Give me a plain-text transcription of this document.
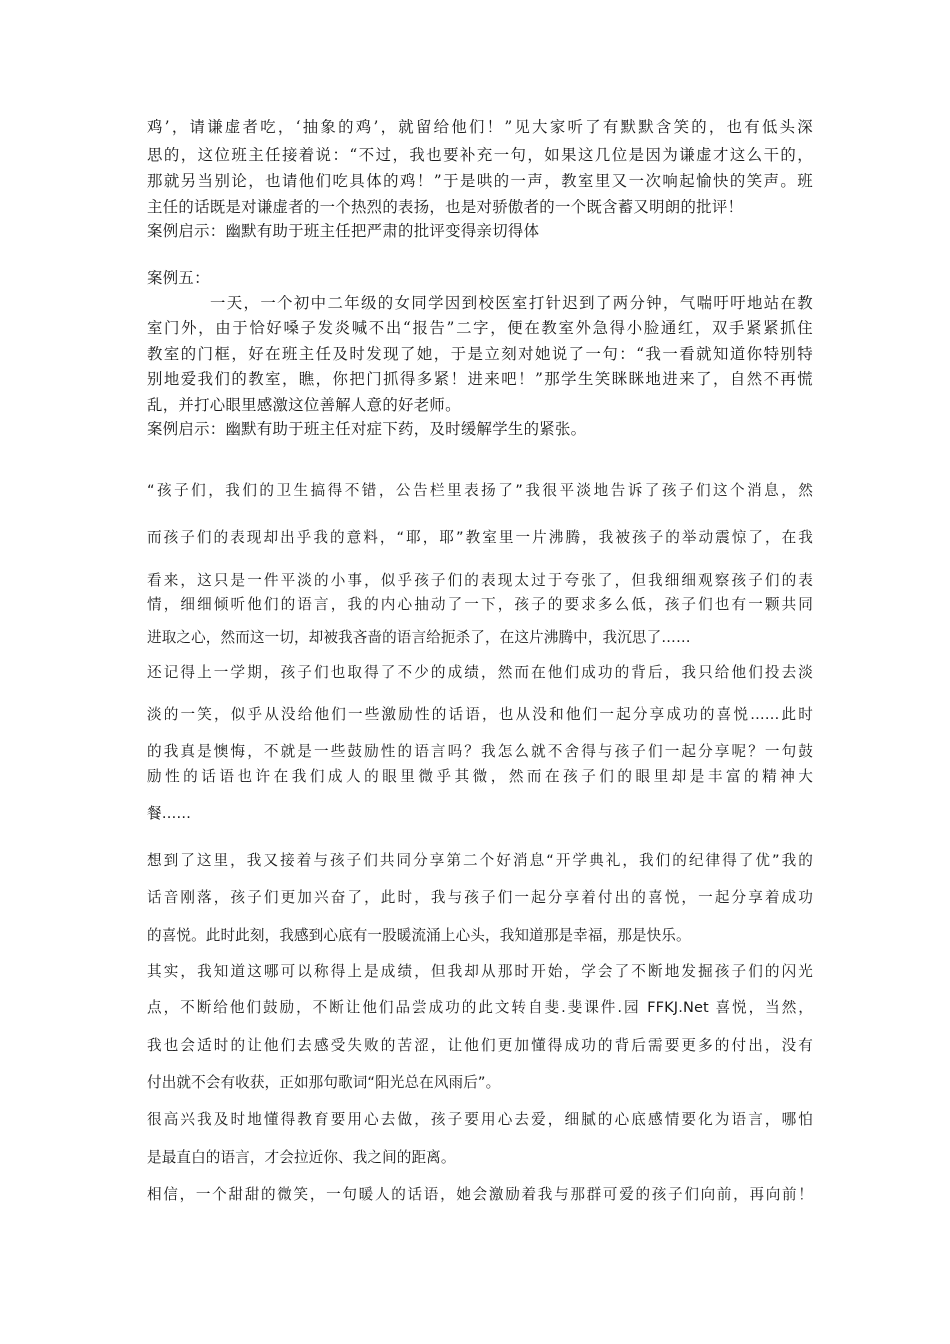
鸡’，请谦虚者吃，‘抽象的鸡’，就留给他们！”见大家听了有默默含笑的，也有低头深
思的，这位班主任接着说：“不过，我也要补充一句，如果这几位是因为谦虚才这么干的，
那就另当别论，也请他们吃具体的鸡！”于是哄的一声，教室里又一次响起愉快的笑声。班
主任的话既是对谦虚者的一个热烈的表扬，也是对骄傲者的一个既含蓄又明朗的批评！
案例启示：幽默有助于班主任把严肃的批评变得亲切得体
案例五：
一天，一个初中二年级的女同学因到校医室打针迟到了两分钟，气喘吁吁地站在教
室门外，由于恰好嗓子发炎喊不出“报告”二字，便在教室外急得小脸通红，双手紧紧抓住
教室的门框，好在班主任及时发现了她，于是立刻对她说了一句：“我一看就知道你特别特
别地爱我们的教室，瞧，你把门抓得多紧！进来吧！”那学生笑眯眯地进来了，自然不再慌
乱，并打心眼里感激这位善解人意的好老师。
案例启示：幽默有助于班主任对症下药，及时缓解学生的紧张。
“孩子们，我们的卫生搞得不错，公告栏里表扬了”我很平淡地告诉了孩子们这个消息，然
而孩子们的表现却出乎我的意料，“耶，耶”教室里一片沸腾，我被孩子的举动震惊了，在我
看来，这只是一件平淡的小事，似乎孩子们的表现太过于夸张了，但我细细观察孩子们的表
情，细细倾听他们的语言，我的内心抽动了一下，孩子的要求多么低，孩子们也有一颗共同
进取之心，然而这一切，却被我吝啬的语言给扼杀了，在这片沸腾中，我沉思了……
还记得上一学期，孩子们也取得了不少的成绩，然而在他们成功的背后，我只给他们投去淡
淡的一笑，似乎从没给他们一些激励性的话语，也从没和他们一起分享成功的喜悦……此时
的我真是懊悔，不就是一些鼓励性的语言吗？我怎么就不舍得与孩子们一起分享呢？一句鼓
励性的话语也许在我们成人的眼里微乎其微，然而在孩子们的眼里却是丰富的精神大
餐……
想到了这里，我又接着与孩子们共同分享第二个好消息“开学典礼，我们的纪律得了优”我的
话音刚落，孩子们更加兴奋了，此时，我与孩子们一起分享着付出的喜悦，一起分享着成功
的喜悦。此时此刻，我感到心底有一股暖流涌上心头，我知道那是幸福，那是快乐。
其实，我知道这哪可以称得上是成绩，但我却从那时开始，学会了不断地发掘孩子们的闪光
点，不断给他们鼓励，不断让他们品尝成功的此文转自斐.斐课件.园 FFKJ.Net 喜悦，当然，
我也会适时的让他们去感受失败的苦涩，让他们更加懂得成功的背后需要更多的付出，没有
付出就不会有收获，正如那句歌词“阳光总在风雨后”。
很高兴我及时地懂得教育要用心去做，孩子要用心去爱，细腻的心底感情要化为语言，哪怕
是最直白的语言，才会拉近你、我之间的距离。
相信，一个甜甜的微笑，一句暖人的话语，她会激励着我与那群可爱的孩子们向前，再向前！
